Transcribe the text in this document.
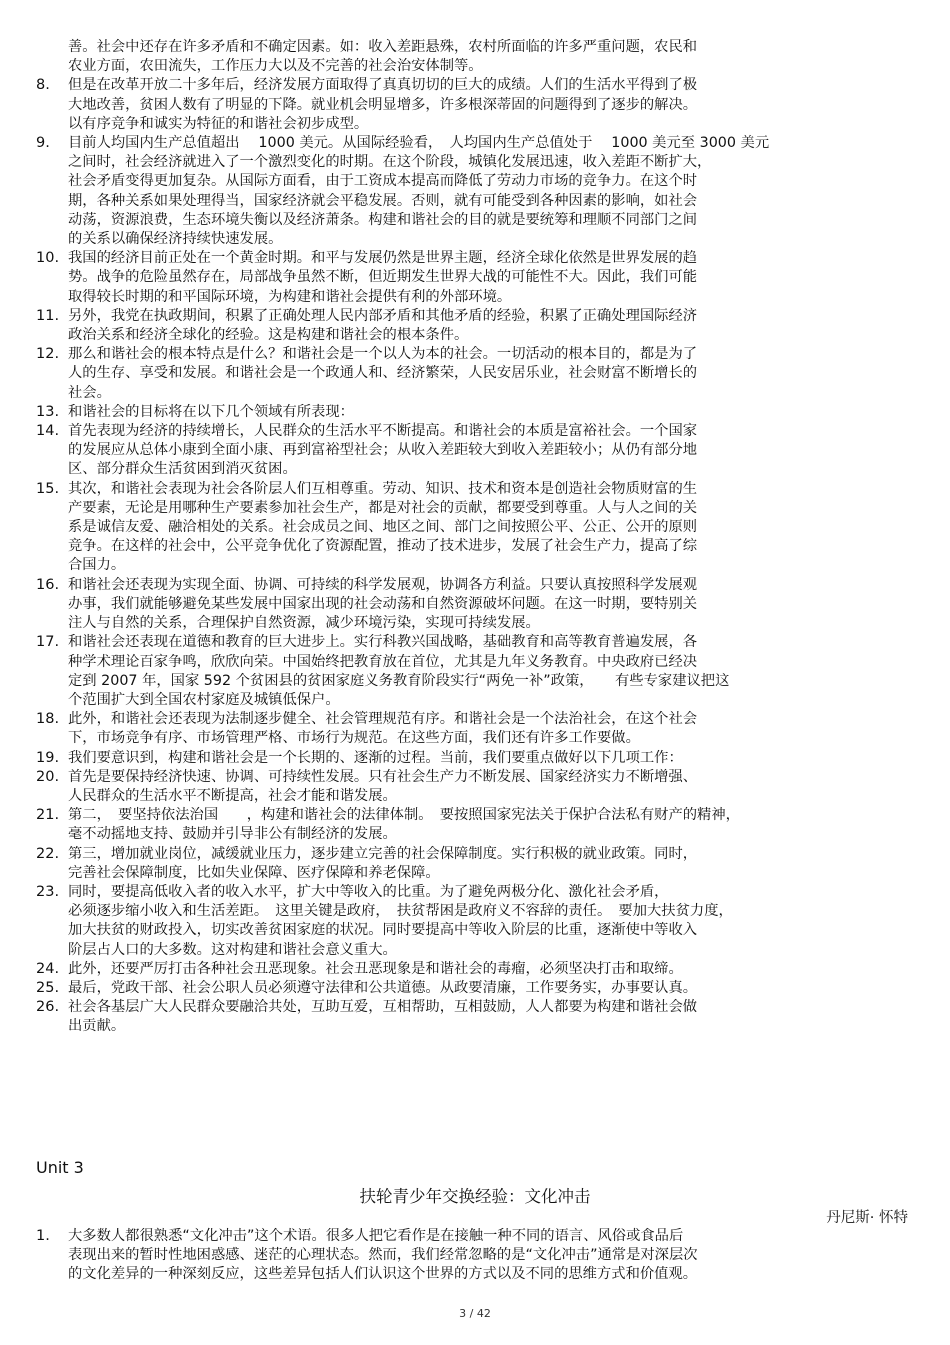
善。社会中还存在许多矛盾和不确定因素。如：收入差距悬殊，农村所面临的许多严重问题，农民和
农业方面，农田流失，工作压力大以及不完善的社会治安体制等。
8.	但是在改革开放二十多年后，经济发展方面取得了真真切切的巨大的成绩。人们的生活水平得到了极
大地改善，贫困人数有了明显的下降。就业机会明显增多，许多根深蒂固的问题得到了逐步的解决。
以有序竞争和诚实为特征的和谐社会初步成型。
9.	目前人均国内生产总值超出　 1000 美元。从国际经验看，　人均国内生产总值处于　 1000 美元至 3000 美元
之间时，社会经济就进入了一个激烈变化的时期。在这个阶段，城镇化发展迅速，收入差距不断扩大，
社会矛盾变得更加复杂。从国际方面看，由于工资成本提高而降低了劳动力市场的竞争力。在这个时
期，各种关系如果处理得当，国家经济就会平稳发展。否则，就有可能受到各种因素的影响，如社会
动荡，资源浪费，生态环境失衡以及经济萧条。构建和谐社会的目的就是要统筹和理顺不同部门之间
的关系以确保经济持续快速发展。
10. 我国的经济目前正处在一个黄金时期。和平与发展仍然是世界主题，经济全球化依然是世界发展的趋
势。战争的危险虽然存在，局部战争虽然不断，但近期发生世界大战的可能性不大。因此，我们可能
取得较长时期的和平国际环境，为构建和谐社会提供有利的外部环境。
11. 另外，我党在执政期间，积累了正确处理人民内部矛盾和其他矛盾的经验，积累了正确处理国际经济
政治关系和经济全球化的经验。这是构建和谐社会的根本条件。
12. 那么和谐社会的根本特点是什么？和谐社会是一个以人为本的社会。一切活动的根本目的，都是为了
人的生存、享受和发展。和谐社会是一个政通人和、经济繁荣，人民安居乐业，社会财富不断增长的
社会。
13. 和谐社会的目标将在以下几个领域有所表现：
14. 首先表现为经济的持续增长，人民群众的生活水平不断提高。和谐社会的本质是富裕社会。一个国家
的发展应从总体小康到全面小康、再到富裕型社会；从收入差距较大到收入差距较小；从仍有部分地
区、部分群众生活贫困到消灭贫困。
15. 其次，和谐社会表现为社会各阶层人们互相尊重。劳动、知识、技术和资本是创造社会物质财富的生
产要素，无论是用哪种生产要素参加社会生产，都是对社会的贡献，都要受到尊重。人与人之间的关
系是诚信友爱、融洽相处的关系。社会成员之间、地区之间、部门之间按照公平、公正、公开的原则
竞争。在这样的社会中，公平竞争优化了资源配置，推动了技术进步，发展了社会生产力，提高了综
合国力。
16. 和谐社会还表现为实现全面、协调、可持续的科学发展观，协调各方利益。只要认真按照科学发展观
办事，我们就能够避免某些发展中国家出现的社会动荡和自然资源破坏问题。在这一时期，要特别关
注人与自然的关系，合理保护自然资源，减少环境污染，实现可持续发展。
17. 和谐社会还表现在道德和教育的巨大进步上。实行科教兴国战略，基础教育和高等教育普遍发展，各
种学术理论百家争鸣，欣欣向荣。中国始终把教育放在首位，尤其是九年义务教育。中央政府已经决
定到 2007 年，国家 592 个贫困县的贫困家庭义务教育阶段实行“两免一补”政策，　　有些专家建议把这
个范围扩大到全国农村家庭及城镇低保户。
18. 此外，和谐社会还表现为法制逐步健全、社会管理规范有序。和谐社会是一个法治社会，在这个社会
下，市场竞争有序、市场管理严格、市场行为规范。在这些方面，我们还有许多工作要做。
19. 我们要意识到，构建和谐社会是一个长期的、逐渐的过程。当前，我们要重点做好以下几项工作：
20. 首先是要保持经济快速、协调、可持续性发展。只有社会生产力不断发展、国家经济实力不断增强、
人民群众的生活水平不断提高，社会才能和谐发展。
21. 第二，　要坚持依法治国　　，构建和谐社会的法律体制。　要按照国家宪法关于保护合法私有财产的精神，
毫不动摇地支持、鼓励并引导非公有制经济的发展。
22. 第三，增加就业岗位，减缓就业压力，逐步建立完善的社会保障制度。实行积极的就业政策。同时，
完善社会保障制度，比如失业保障、医疗保障和养老保障。
23. 同时，要提高低收入者的收入水平，扩大中等收入的比重。为了避免两极分化、激化社会矛盾，
必须逐步缩小收入和生活差距。　这里关键是政府，　扶贫帮困是政府义不容辞的责任。　要加大扶贫力度，
加大扶贫的财政投入，切实改善贫困家庭的状况。同时要提高中等收入阶层的比重，逐渐使中等收入
阶层占人口的大多数。这对构建和谐社会意义重大。
24. 此外，还要严厉打击各种社会丑恶现象。社会丑恶现象是和谐社会的毒瘤，必须坚决打击和取缔。
25. 最后，党政干部、社会公职人员必须遵守法律和公共道德。从政要清廉，工作要务实，办事要认真。
26. 社会各基层广大人民群众要融洽共处，互助互爱，互相帮助，互相鼓励，人人都要为构建和谐社会做
出贡献。
Unit 3
扶轮青少年交换经验：文化冲击
丹尼斯· 怀特
1.	大多数人都很熟悉“文化冲击”这个术语。很多人把它看作是在接触一种不同的语言、风俗或食品后
表现出来的暂时性地困惑感、迷茫的心理状态。然而，我们经常忽略的是“文化冲击”通常是对深层次
的文化差异的一种深刻反应，这些差异包括人们认识这个世界的方式以及不同的思维方式和价值观。
3 / 42
